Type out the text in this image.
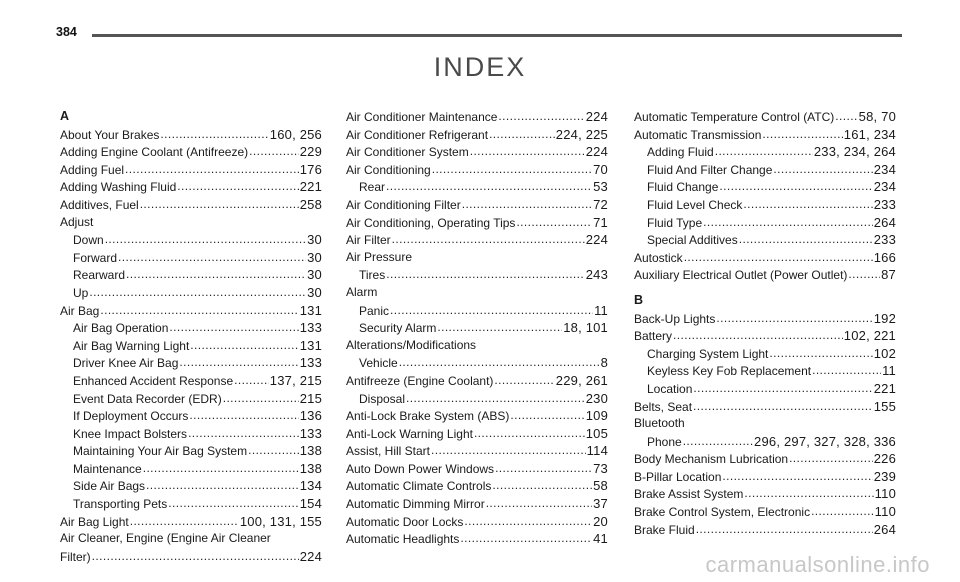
384
INDEX
A
About Your Brakes .....	160, 256
Adding Engine Coolant (Antifreeze) .....	229
Adding Fuel .....	176
Adding Washing Fluid .....	221
Additives, Fuel .....	258
Adjust
Down .....	30
Forward .....	30
Rearward .....	30
Up .....	30
Air Bag .....	131
Air Bag Operation .....	133
Air Bag Warning Light .....	131
Driver Knee Air Bag .....	133
Enhanced Accident Response .....	137, 215
Event Data Recorder (EDR) .....	215
If Deployment Occurs .....	136
Knee Impact Bolsters .....	133
Maintaining Your Air Bag System .....	138
Maintenance .....	138
Side Air Bags .....	134
Transporting Pets .....	154
Air Bag Light .....	100, 131, 155
Air Cleaner, Engine (Engine Air Cleaner
Filter) .....	224
Air Conditioner Maintenance .....	224
Air Conditioner Refrigerant .....	224, 225
Air Conditioner System .....	224
Air Conditioning .....	70
Rear .....	53
Air Conditioning Filter .....	72
Air Conditioning, Operating Tips .....	71
Air Filter .....	224
Air Pressure
Tires .....	243
Alarm
Panic .....	11
Security Alarm .....	18, 101
Alterations/Modifications
Vehicle .....	8
Antifreeze (Engine Coolant) .....	229, 261
Disposal .....	230
Anti-Lock Brake System (ABS) .....	109
Anti-Lock Warning Light .....	105
Assist, Hill Start .....	114
Auto Down Power Windows .....	73
Automatic Climate Controls .....	58
Automatic Dimming Mirror .....	37
Automatic Door Locks .....	20
Automatic Headlights .....	41
Automatic Temperature Control (ATC) ..... 58, 70
Automatic Transmission .....	161, 234
Adding Fluid .....	233, 234, 264
Fluid And Filter Change .....	234
Fluid Change .....	234
Fluid Level Check .....	233
Fluid Type .....	264
Special Additives .....	233
Autostick .....	166
Auxiliary Electrical Outlet (Power Outlet) .....	87
B
Back-Up Lights .....	192
Battery .....	102, 221
Charging System Light .....	102
Keyless Key Fob Replacement .....	11
Location .....	221
Belts, Seat .....	155
Bluetooth
Phone .....	296, 297, 327, 328, 336
Body Mechanism Lubrication .....	226
B-Pillar Location .....	239
Brake Assist System .....	110
Brake Control System, Electronic .....	110
Brake Fluid .....	264
carmanualsonline.info
